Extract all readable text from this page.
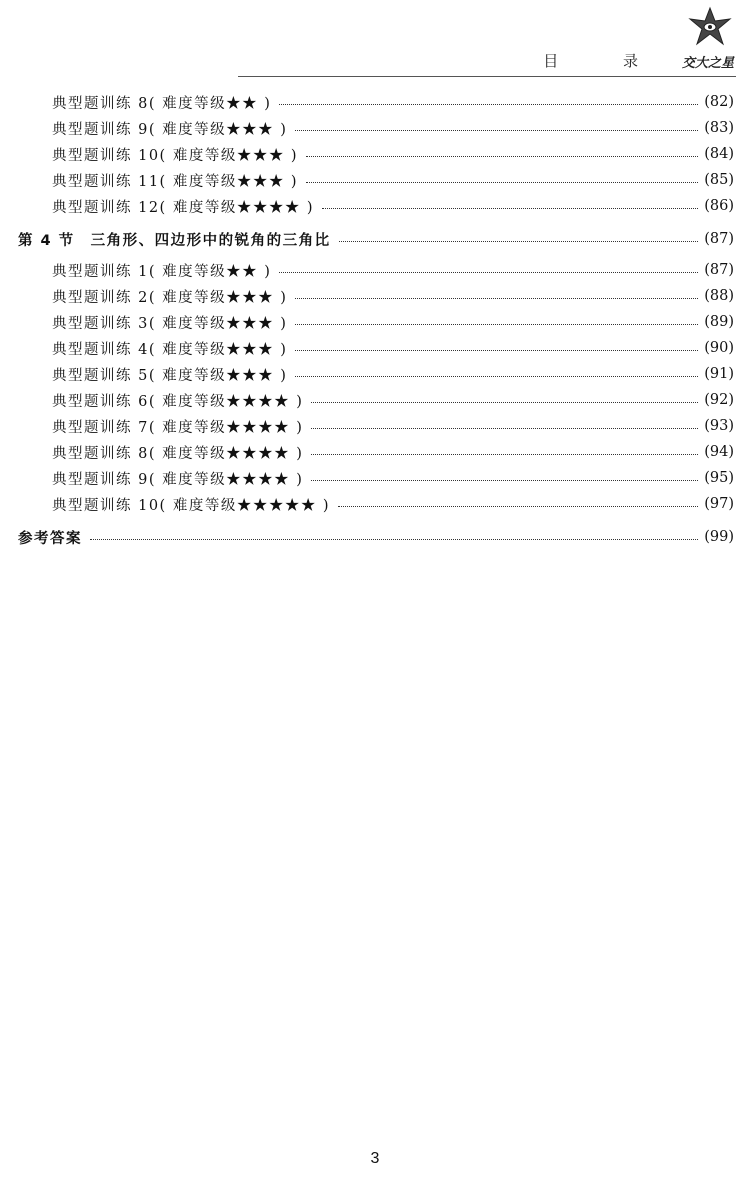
目 录 交大之星
典型题训练 8( 难度等级★★ )	(82)
典型题训练 9( 难度等级★★★ )	(83)
典型题训练 10( 难度等级★★★ )	(84)
典型题训练 11( 难度等级★★★ )	(85)
典型题训练 12( 难度等级★★★★ )	(86)
第 4 节　三角形、四边形中的锐角的三角比	(87)
典型题训练 1( 难度等级★★ )	(87)
典型题训练 2( 难度等级★★★ )	(88)
典型题训练 3( 难度等级★★★ )	(89)
典型题训练 4( 难度等级★★★ )	(90)
典型题训练 5( 难度等级★★★ )	(91)
典型题训练 6( 难度等级★★★★ )	(92)
典型题训练 7( 难度等级★★★★ )	(93)
典型题训练 8( 难度等级★★★★ )	(94)
典型题训练 9( 难度等级★★★★ )	(95)
典型题训练 10( 难度等级★★★★★ )	(97)
参考答案	(99)
3
